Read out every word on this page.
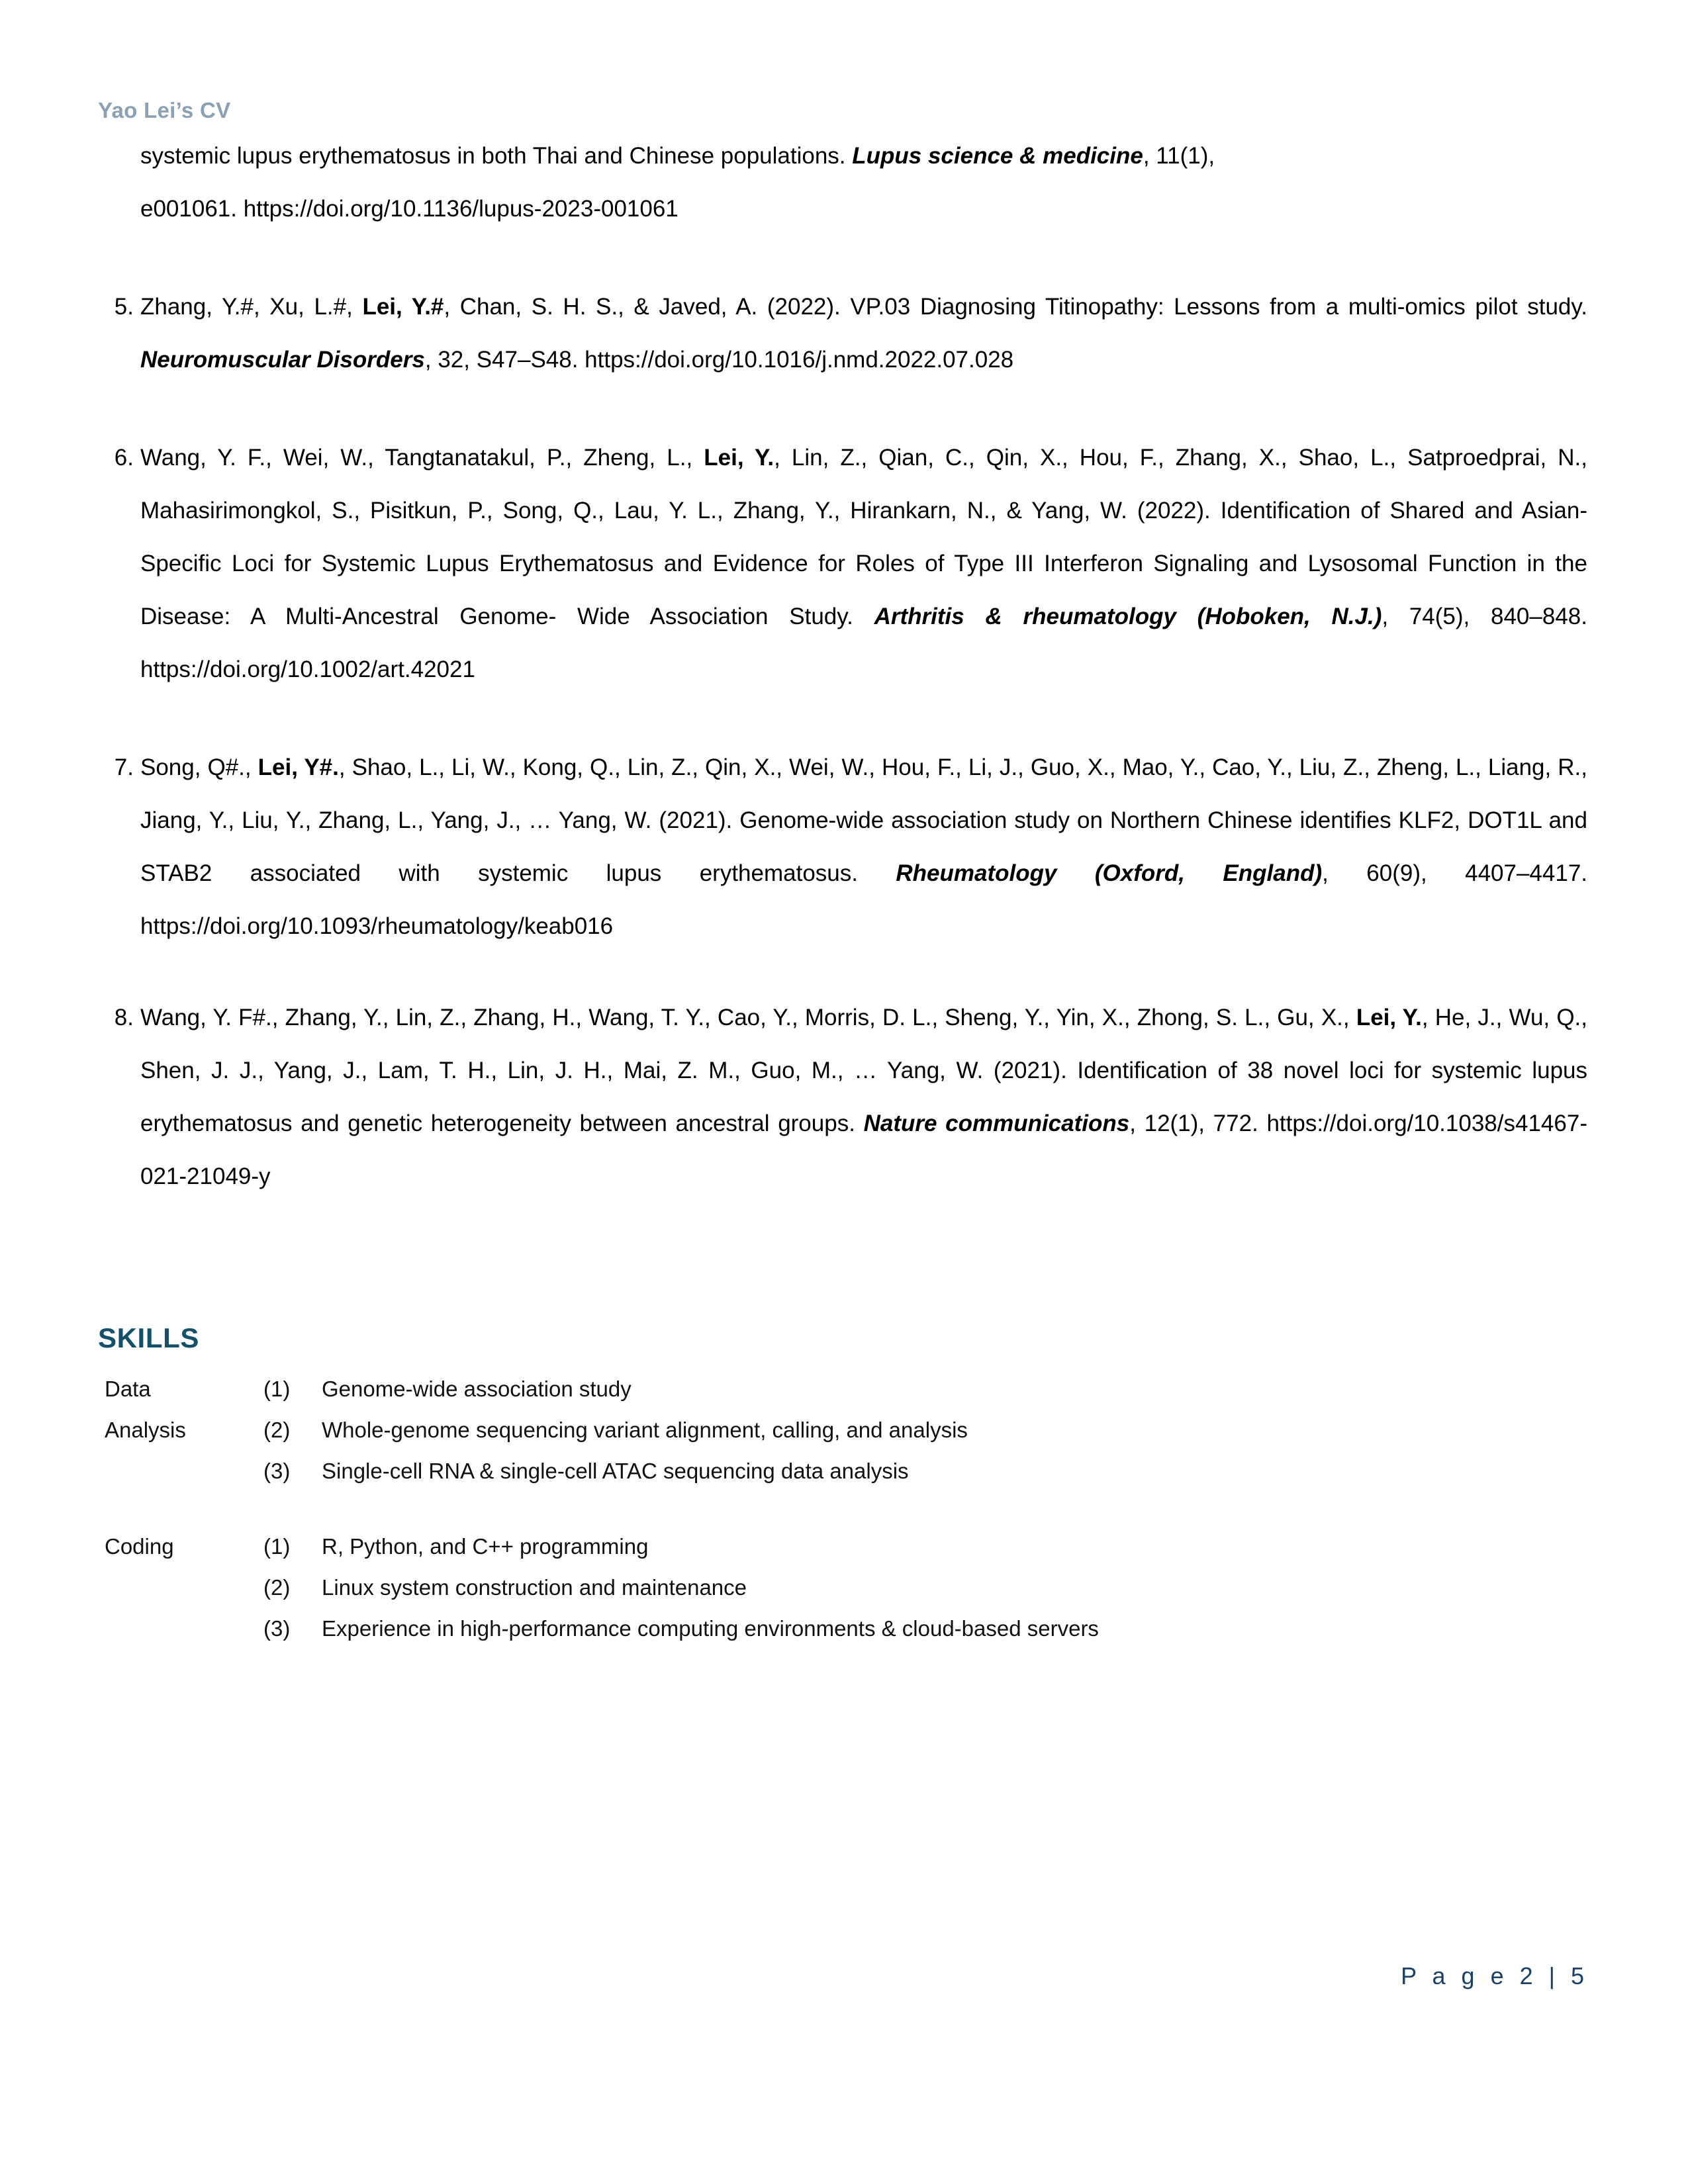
Yao Lei’s CV

systemic lupus erythematosus in both Thai and Chinese populations. Lupus science & medicine, 11(1),

e001061. https://doi.org/10.1136/lupus-2023-001061

5. Zhang, Y.#, Xu, L.#, Lei, Y.#, Chan, S. H. S., & Javed, A. (2022). VP.03 Diagnosing Titinopathy: Lessons from a multi-omics pilot study. Neuromuscular Disorders, 32, S47–S48. https://doi.org/10.1016/j.nmd.2022.07.028

6. Wang, Y. F., Wei, W., Tangtanatakul, P., Zheng, L., Lei, Y., Lin, Z., Qian, C., Qin, X., Hou, F., Zhang, X., Shao, L., Satproedprai, N., Mahasirimongkol, S., Pisitkun, P., Song, Q., Lau, Y. L., Zhang, Y., Hirankarn, N., & Yang, W. (2022). Identification of Shared and Asian-Specific Loci for Systemic Lupus Erythematosus and Evidence for Roles of Type III Interferon Signaling and Lysosomal Function in the Disease: A Multi-Ancestral Genome- Wide Association Study. Arthritis & rheumatology (Hoboken, N.J.), 74(5), 840–848. https://doi.org/10.1002/art.42021

7. Song, Q#., Lei, Y#., Shao, L., Li, W., Kong, Q., Lin, Z., Qin, X., Wei, W., Hou, F., Li, J., Guo, X., Mao, Y., Cao, Y., Liu, Z., Zheng, L., Liang, R., Jiang, Y., Liu, Y., Zhang, L., Yang, J., … Yang, W. (2021). Genome-wide association study on Northern Chinese identifies KLF2, DOT1L and STAB2 associated with systemic lupus erythematosus. Rheumatology (Oxford, England), 60(9), 4407–4417. https://doi.org/10.1093/rheumatology/keab016

8. Wang, Y. F#., Zhang, Y., Lin, Z., Zhang, H., Wang, T. Y., Cao, Y., Morris, D. L., Sheng, Y., Yin, X., Zhong, S. L., Gu, X., Lei, Y., He, J., Wu, Q., Shen, J. J., Yang, J., Lam, T. H., Lin, J. H., Mai, Z. M., Guo, M., … Yang, W. (2021). Identification of 38 novel loci for systemic lupus erythematosus and genetic heterogeneity between ancestral groups. Nature communications, 12(1), 772. https://doi.org/10.1038/s41467-021-21049-y

SKILLS
Data	(1)	Genome-wide association study
Analysis	(2)	Whole-genome sequencing variant alignment, calling, and analysis
	(3)	Single-cell RNA & single-cell ATAC sequencing data analysis

Coding	(1)	R, Python, and C++ programming
	(2)	Linux system construction and maintenance
	(3)	Experience in high-performance computing environments & cloud-based servers
P a g e 2 | 5
